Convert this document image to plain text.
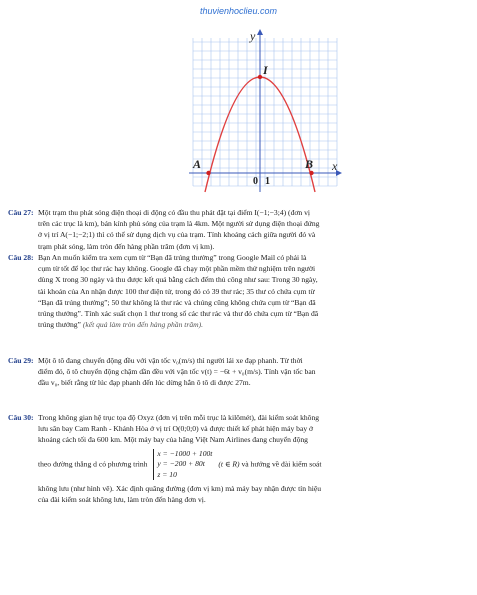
thuvienhoclieu.com
y
x
I
A	B
0 1
Câu 27: Một trạm thu phát sóng điện thoại di động có đầu thu phát đặt tại điểm I(−1;−3;4) (đơn vị

trên các trục là km), bán kính phủ sóng của trạm là 4km. Một người sử dụng điện thoại đứng

ở vị trí A(−1;−2;1) thì có thể sử dụng dịch vụ của trạm. Tính khoảng cách giữa người đó và

trạm phát sóng, làm tròn đến hàng phần trăm (đơn vị km).

Câu 28: Bạn An muốn kiểm tra xem cụm từ “Bạn đã trúng thưởng” trong Google Mail có phải là

cụm từ tốt để lọc thư rác hay không. Google đã chạy một phần mềm thử nghiệm trên người

dùng X trong 30 ngày và thu được kết quả bằng cách đếm thủ công như sau: Trong 30 ngày,

tài khoản của An nhận được 100 thư điện tử, trong đó có 39 thư rác; 35 thư có chứa cụm từ

“Bạn đã trúng thưởng”; 50 thư không là thư rác và chúng cũng không chứa cụm từ “Bạn đã

trúng thưởng”. Tính xác suất chọn 1 thư trong số các thư rác và thư đó chứa cụm từ “Bạn đã

trúng thưởng” (kết quả làm tròn đến hàng phần trăm).

Câu 29: Một ô tô đang chuyển động đều với vận tốc v₀(m/s) thì người lái xe đạp phanh. Từ thời

điểm đó, ô tô chuyển động chậm dần đều với vận tốc v(t) = −6t + v₀(m/s). Tính vận tốc ban

đầu v₀, biết rằng từ lúc đạp phanh đến lúc dừng hẳn ô tô di được 27m.

Câu 30: Trong không gian hệ trục tọa độ Oxyz (đơn vị trên mỗi trục là kilômét), đài kiểm soát không

lưu sân bay Cam Ranh - Khánh Hòa ở vị trí O(0;0;0) và được thiết kế phát hiện máy bay ở

khoảng cách tối đa 600 km. Một máy bay của hãng Việt Nam Airlines đang chuyển động

theo đường thẳng d có phương trình
x = −1000 + 100t
y = −200 + 80t
z = 10
(t ∈ R) và hướng về đài kiểm soát

không lưu (như hình vẽ). Xác định quãng đường (đơn vị km) mà máy bay nhận được tín hiệu

của đài kiểm soát không lưu, làm tròn đến hàng đơn vị.
